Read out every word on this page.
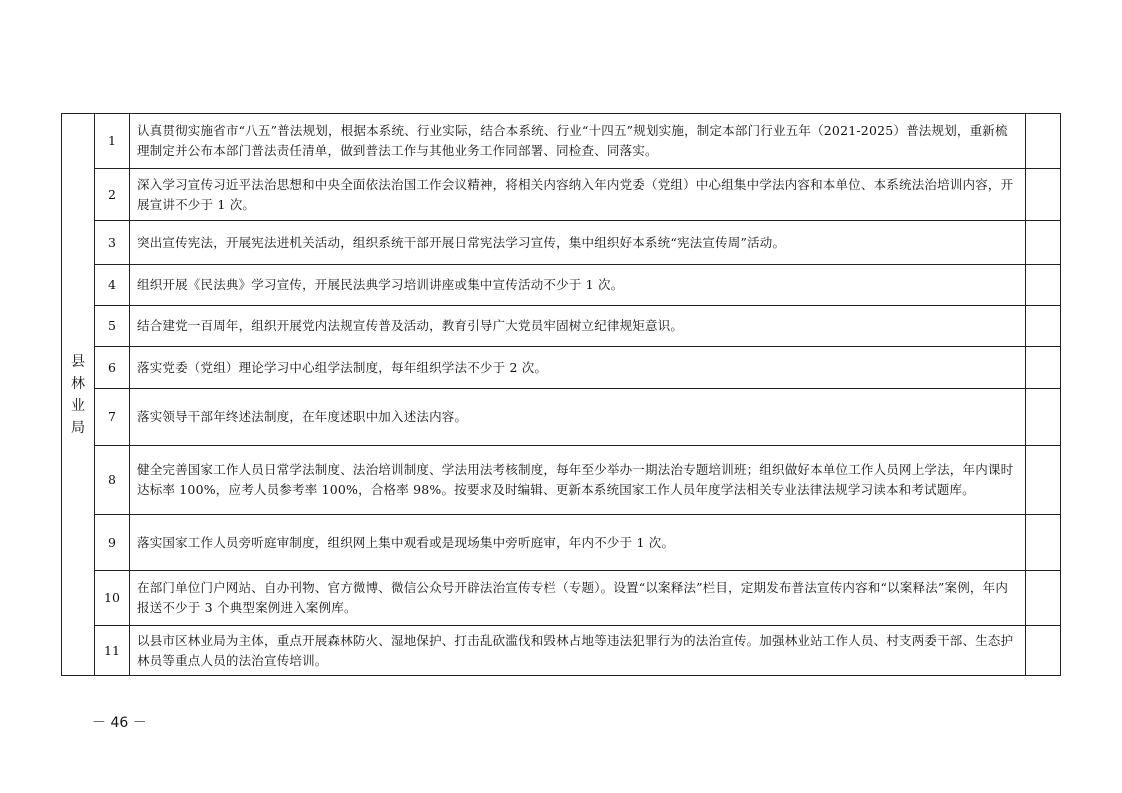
县林业局	1	认真贯彻实施省市“八五”普法规划，根据本系统、行业实际，结合本系统、行业“十四五”规划实施，制定本部门行业五年（2021-2025）普法规划，重新梳理制定并公布本部门普法责任清单，做到普法工作与其他业务工作同部署、同检查、同落实。	
	2	深入学习宣传习近平法治思想和中央全面依法治国工作会议精神，将相关内容纳入年内党委（党组）中心组集中学法内容和本单位、本系统法治培训内容，开展宣讲不少于 1 次。	
	3	突出宣传宪法，开展宪法进机关活动，组织系统干部开展日常宪法学习宣传，集中组织好本系统“宪法宣传周”活动。	
	4	组织开展《民法典》学习宣传，开展民法典学习培训讲座或集中宣传活动不少于 1 次。	
	5	结合建党一百周年，组织开展党内法规宣传普及活动，教育引导广大党员牢固树立纪律规矩意识。	
	6	落实党委（党组）理论学习中心组学法制度，每年组织学法不少于 2 次。	
	7	落实领导干部年终述法制度，在年度述职中加入述法内容。	
	8	健全完善国家工作人员日常学法制度、法治培训制度、学法用法考核制度，每年至少举办一期法治专题培训班；组织做好本单位工作人员网上学法，年内课时达标率 100%，应考人员参考率 100%，合格率 98%。按要求及时编辑、更新本系统国家工作人员年度学法相关专业法律法规学习读本和考试题库。	
	9	落实国家工作人员旁听庭审制度，组织网上集中观看或是现场集中旁听庭审，年内不少于 1 次。	
	10	在部门单位门户网站、自办刊物、官方微博、微信公众号开辟法治宣传专栏（专题）。设置“以案释法”栏目，定期发布普法宣传内容和“以案释法”案例，年内报送不少于 3 个典型案例进入案例库。	
	11	以县市区林业局为主体，重点开展森林防火、湿地保护、打击乱砍滥伐和毁林占地等违法犯罪行为的法治宣传。加强林业站工作人员、村支两委干部、生态护林员等重点人员的法治宣传培训。	
－ 46 －
